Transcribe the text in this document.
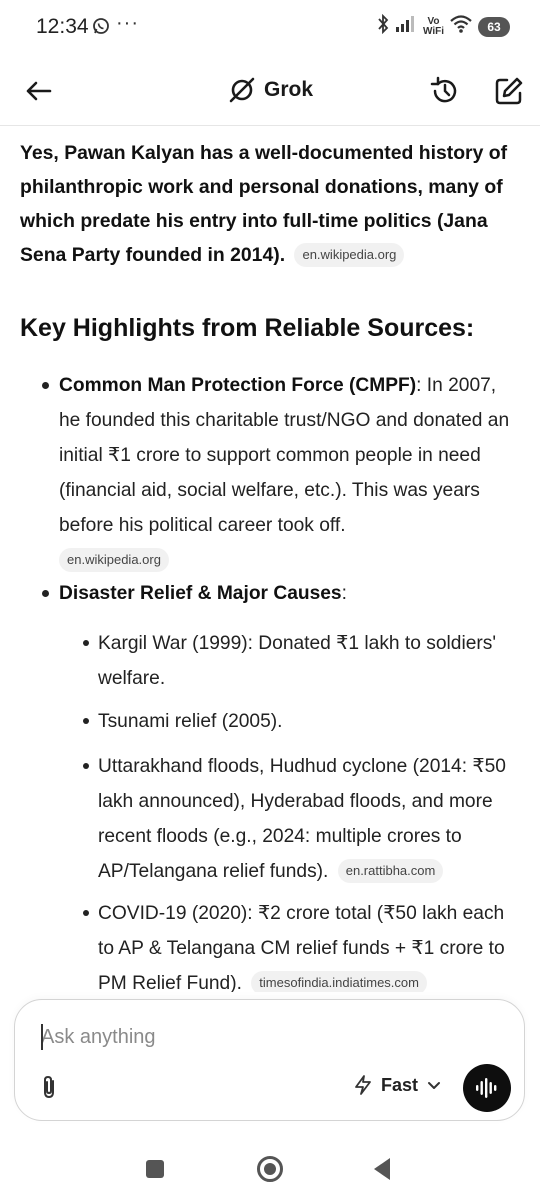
12:34 ···	Vo
WiFi	63
Grok
Yes, Pawan Kalyan has a well-documented history of philanthropic work and personal donations, many of which predate his entry into full-time politics (Jana Sena Party founded in 2014). en.wikipedia.org
Key Highlights from Reliable Sources:
Common Man Protection Force (CMPF): In 2007, he founded this charitable trust/NGO and donated an initial ₹1 crore to support common people in need (financial aid, social welfare, etc.). This was years before his political career took off.
en.wikipedia.org
Disaster Relief & Major Causes:
Kargil War (1999): Donated ₹1 lakh to soldiers' welfare.
Tsunami relief (2005).
Uttarakhand floods, Hudhud cyclone (2014: ₹50 lakh announced), Hyderabad floods, and more recent floods (e.g., 2024: multiple crores to AP/Telangana relief funds). en.rattibha.com
COVID-19 (2020): ₹2 crore total (₹50 lakh each to AP & Telangana CM relief funds + ₹1 crore to PM Relief Fund). timesofindia.indiatimes.com
Ask anything
Fast
